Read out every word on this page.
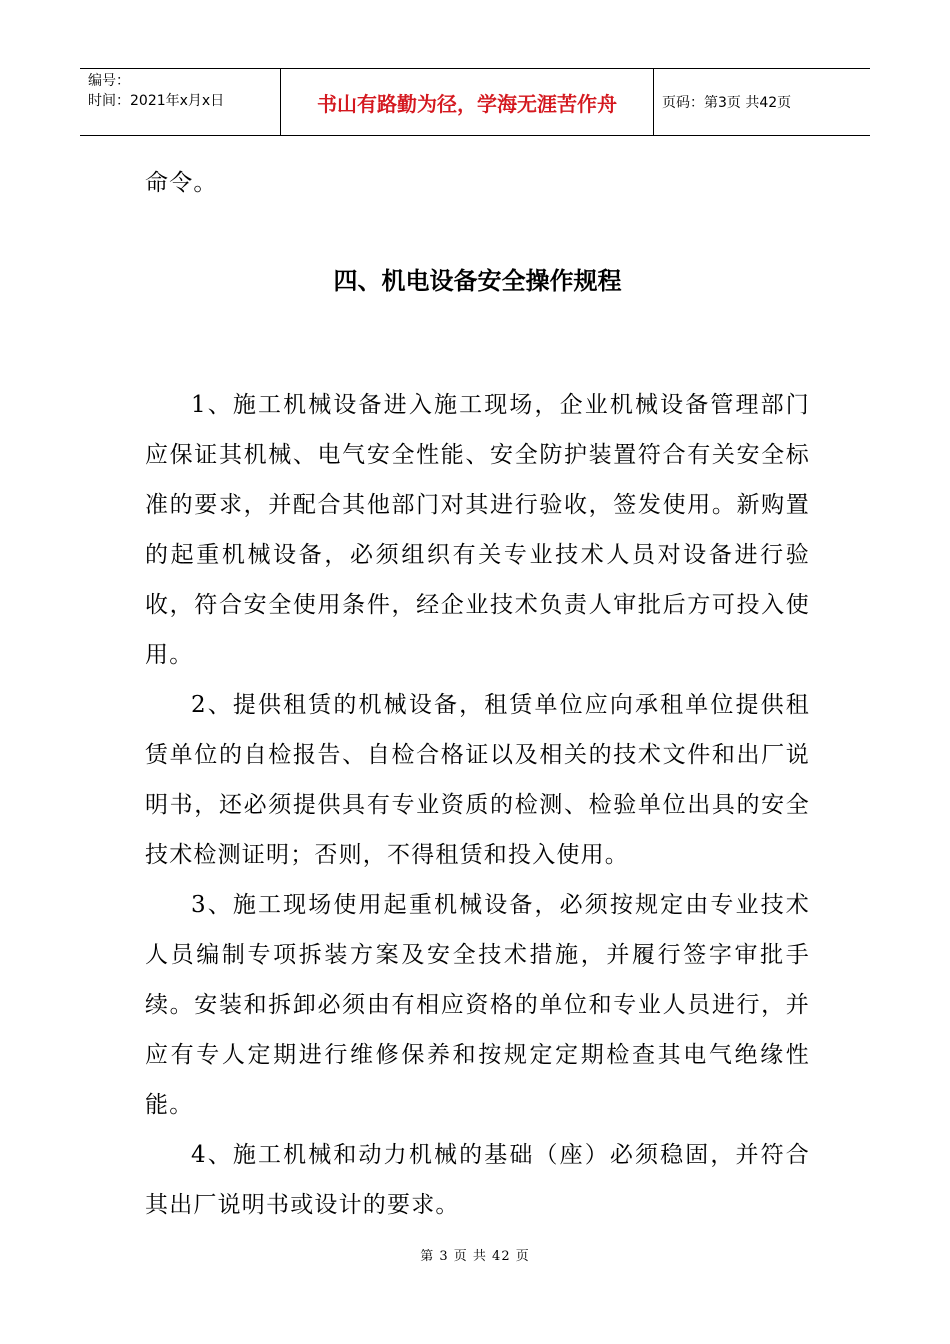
编号：
时间：2021年x月x日	书山有路勤为径，学海无涯苦作舟	页码：第3页 共42页

命令。

四、机电设备安全操作规程

1、施工机械设备进入施工现场，企业机械设备管理部门应保证其机械、电气安全性能、安全防护装置符合有关安全标准的要求，并配合其他部门对其进行验收，签发使用。新购置的起重机械设备，必须组织有关专业技术人员对设备进行验收，符合安全使用条件，经企业技术负责人审批后方可投入使用。

2、提供租赁的机械设备，租赁单位应向承租单位提供租赁单位的自检报告、自检合格证以及相关的技术文件和出厂说明书，还必须提供具有专业资质的检测、检验单位出具的安全技术检测证明；否则，不得租赁和投入使用。

3、施工现场使用起重机械设备，必须按规定由专业技术人员编制专项拆装方案及安全技术措施，并履行签字审批手续。安装和拆卸必须由有相应资格的单位和专业人员进行，并应有专人定期进行维修保养和按规定定期检查其电气绝缘性能。

4、施工机械和动力机械的基础（座）必须稳固，并符合其出厂说明书或设计的要求。

第 3 页 共 42 页
